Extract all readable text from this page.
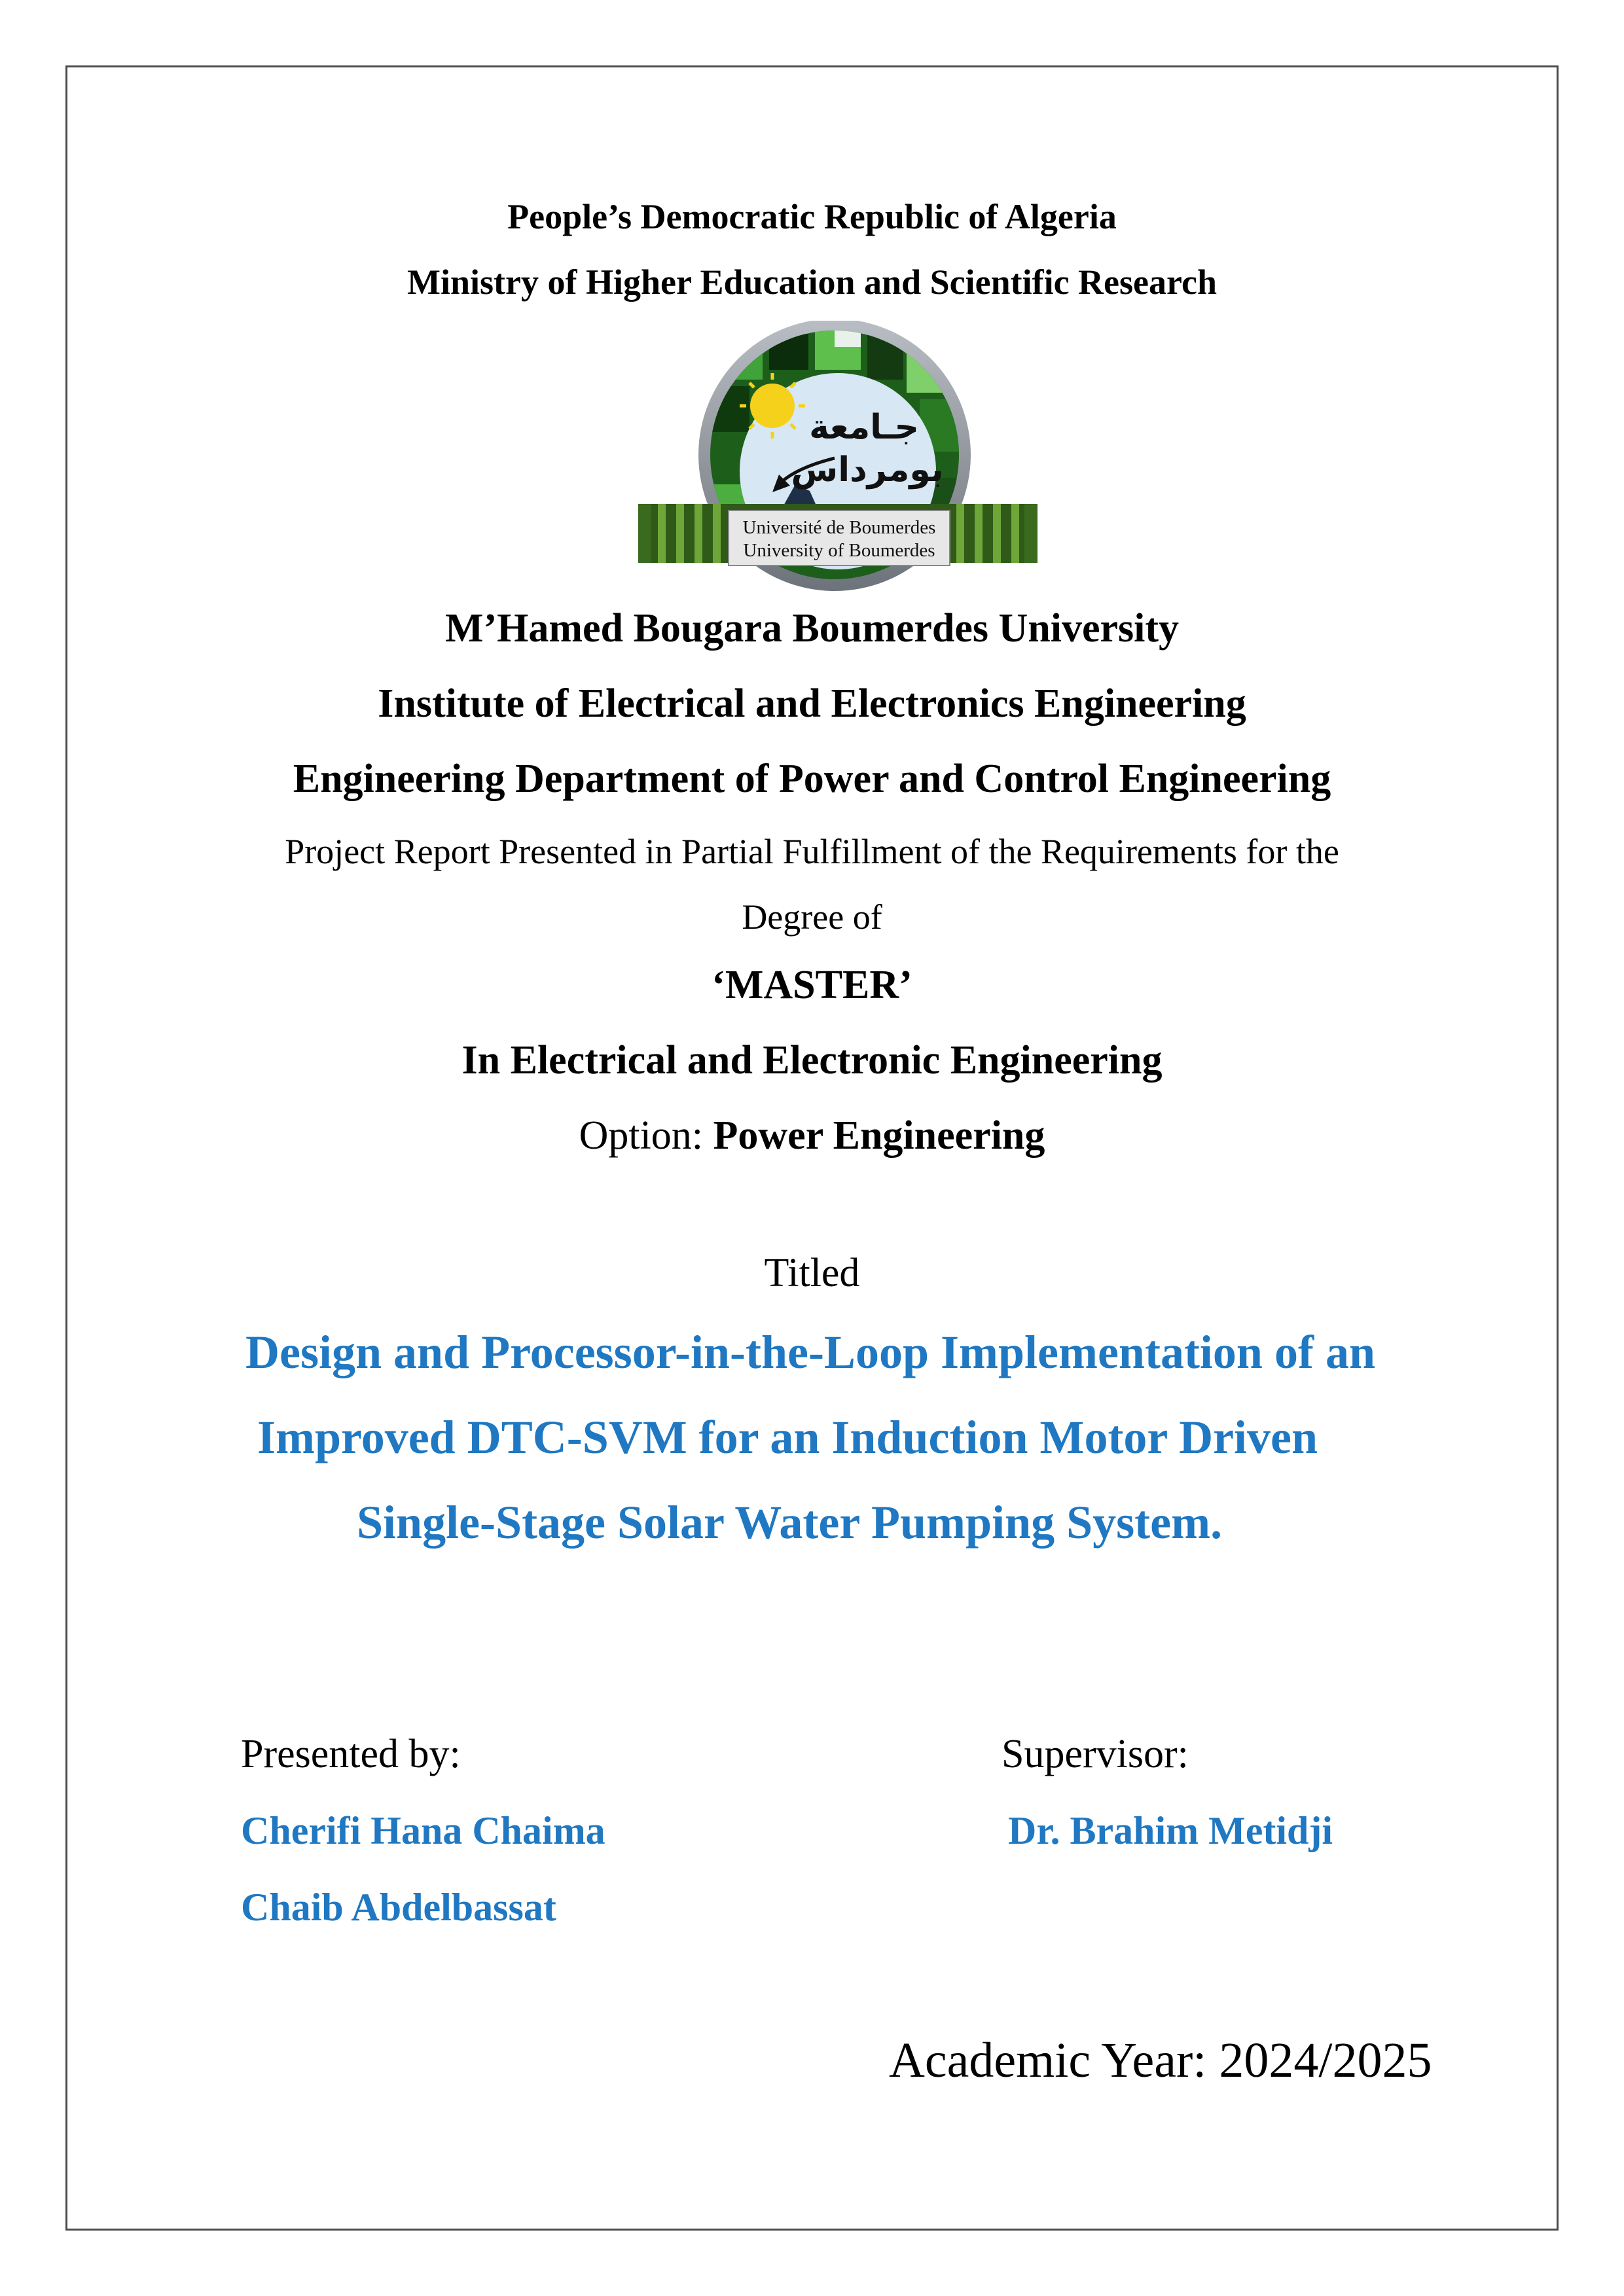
People’s Democratic Republic of Algeria
Ministry of Higher Education and Scientific Research
جـامعة
بومرداس
Université de Boumerdes
University of Boumerdes
M’Hamed Bougara Boumerdes University
Institute of Electrical and Electronics Engineering
Engineering Department of Power and Control Engineering
Project Report Presented in Partial Fulfillment of the Requirements for the
Degree of
‘MASTER’
In Electrical and Electronic Engineering
Option: Power Engineering
Titled
Design and Processor-in-the-Loop Implementation of an
Improved DTC-SVM for an Induction Motor Driven
Single-Stage Solar Water Pumping System.
Presented by:
Cherifi Hana Chaima
Chaib Abdelbassat
Supervisor:
Dr. Brahim Metidji
Academic Year: 2024/2025
